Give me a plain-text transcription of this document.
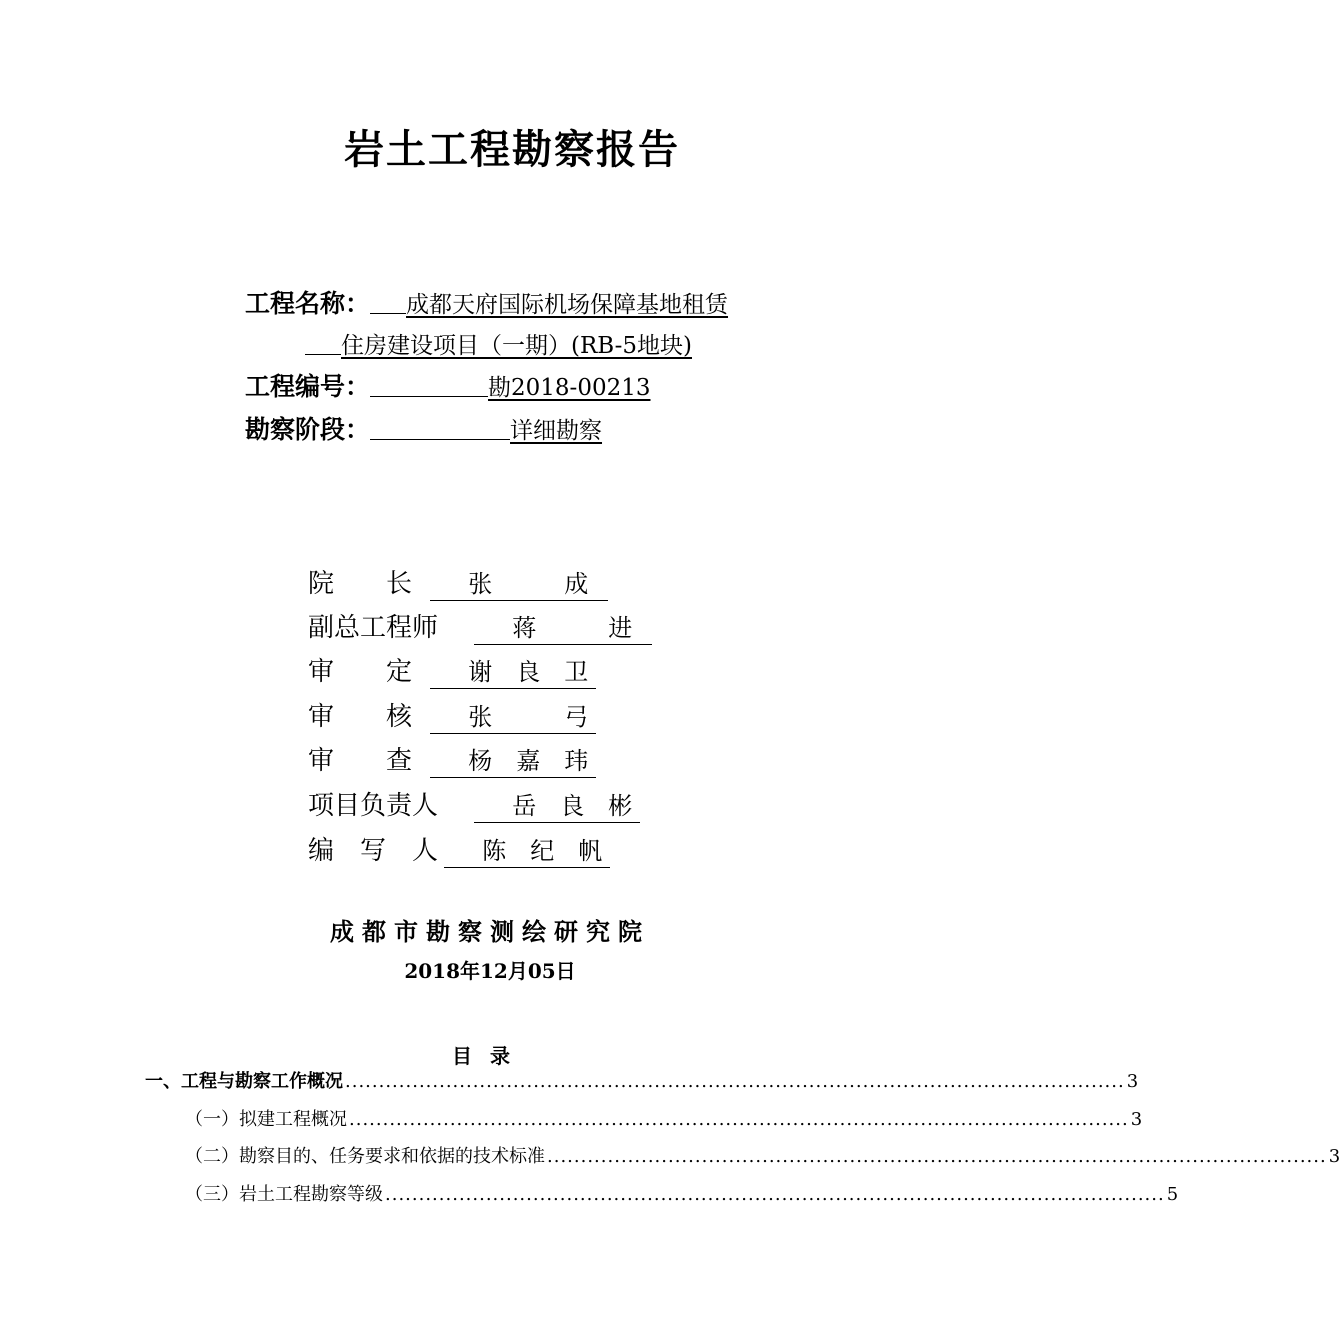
岩土工程勘察报告
工程名称： 成都天府国际机场保障基地租赁
住房建设项目（一期）(RB-5地块)
工程编号：	勘2018-00213
勘察阶段：	详细勘察
院　　长 张　　　成
副总工程师	蒋　　　进
审　　定 谢　良　卫
审　　核 张　　　弓
审　　查 杨　嘉　玮
项目负责人	岳　良　彬
编　写　人 陈　纪　帆
成都市勘察测绘研究院
2018年12月05日
目录
一、工程与勘察工作概况 .................................................................................................................... 3
（一）拟建工程概况 .................................................................................................................... 3
（二）勘察目的、任务要求和依据的技术标准 .................................................................................................................... 3
（三）岩土工程勘察等级 .................................................................................................................... 5
